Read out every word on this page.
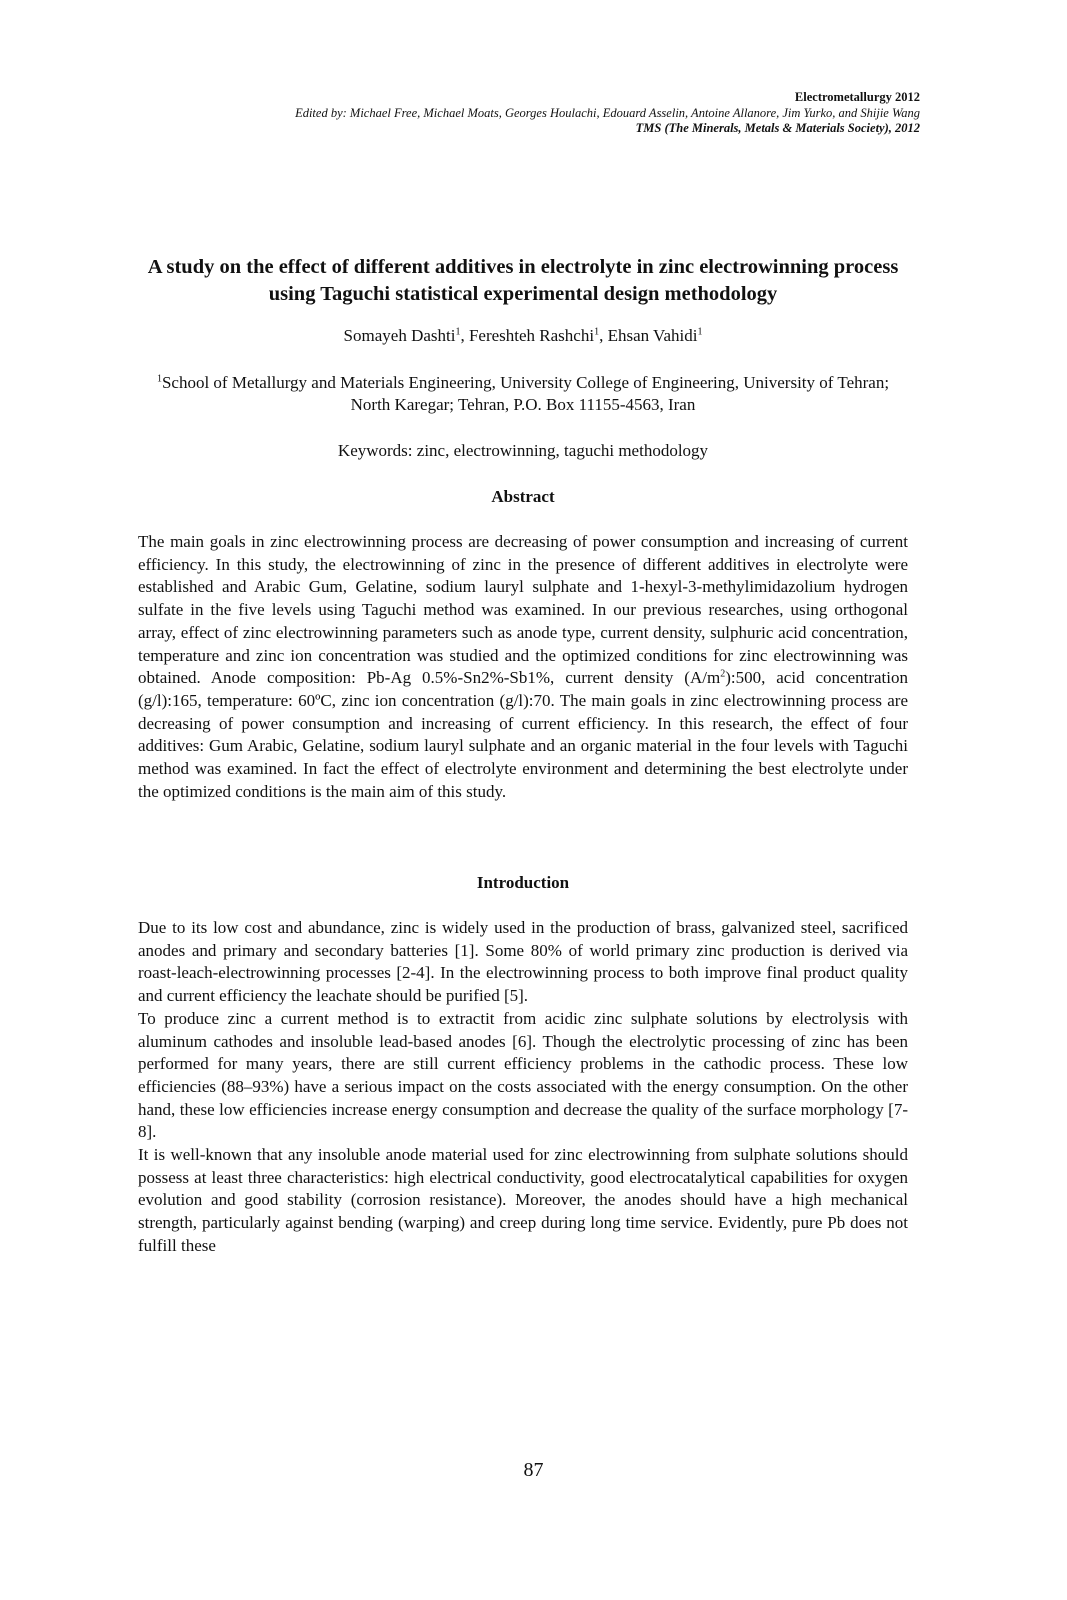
Electrometallurgy 2012
Edited by: Michael Free, Michael Moats, Georges Houlachi, Edouard Asselin, Antoine Allanore, Jim Yurko, and Shijie Wang
TMS (The Minerals, Metals & Materials Society), 2012
A study on the effect of different additives in electrolyte in zinc electrowinning process using Taguchi statistical experimental design methodology
Somayeh Dashti$^1$, Fereshteh Rashchi$^1$, Ehsan Vahidi$^1$
$^1$School of Metallurgy and Materials Engineering, University College of Engineering, University of Tehran; North Karegar; Tehran, P.O. Box 11155-4563, Iran
Keywords: zinc, electrowinning, taguchi methodology
Abstract

The main goals in zinc electrowinning process are decreasing of power consumption and increasing of current efficiency. In this study, the electrowinning of zinc in the presence of different additives in electrolyte were established and Arabic Gum, Gelatine, sodium lauryl sulphate and 1-hexyl-3-methylimidazolium hydrogen sulfate in the five levels using Taguchi method was examined. In our previous researches, using orthogonal array, effect of zinc electrowinning parameters such as anode type, current density, sulphuric acid concentration, temperature and zinc ion concentration was studied and the optimized conditions for zinc electrowinning was obtained. Anode composition: Pb-Ag 0.5%-Sn2%-Sb1%, current density $(A/m^2):500$, acid concentration (g/l):165, temperature: 60ºC, zinc ion concentration (g/l):70. The main goals in zinc electrowinning process are decreasing of power consumption and increasing of current efficiency. In this research, the effect of four additives: Gum Arabic, Gelatine, sodium lauryl sulphate and an organic material in the four levels with Taguchi method was examined. In fact the effect of electrolyte environment and determining the best electrolyte under the optimized conditions is the main aim of this study.

Introduction

Due to its low cost and abundance, zinc is widely used in the production of brass, galvanized steel, sacrificed anodes and primary and secondary batteries [1]. Some 80% of world primary zinc production is derived via roast-leach-electrowinning processes [2-4]. In the electrowinning process to both improve final product quality and current efficiency the leachate should be purified [5].

To produce zinc a current method is to extractit from acidic zinc sulphate solutions by electrolysis with aluminum cathodes and insoluble lead-based anodes [6]. Though the electrolytic processing of zinc has been performed for many years, there are still current efficiency problems in the cathodic process. These low efficiencies (88–93%) have a serious impact on the costs associated with the energy consumption. On the other hand, these low efficiencies increase energy consumption and decrease the quality of the surface morphology [7-8].

It is well-known that any insoluble anode material used for zinc electrowinning from sulphate solutions should possess at least three characteristics: high electrical conductivity, good electrocatalytical capabilities for oxygen evolution and good stability (corrosion resistance). Moreover, the anodes should have a high mechanical strength, particularly against bending (warping) and creep during long time service. Evidently, pure Pb does not fulfill these

87
